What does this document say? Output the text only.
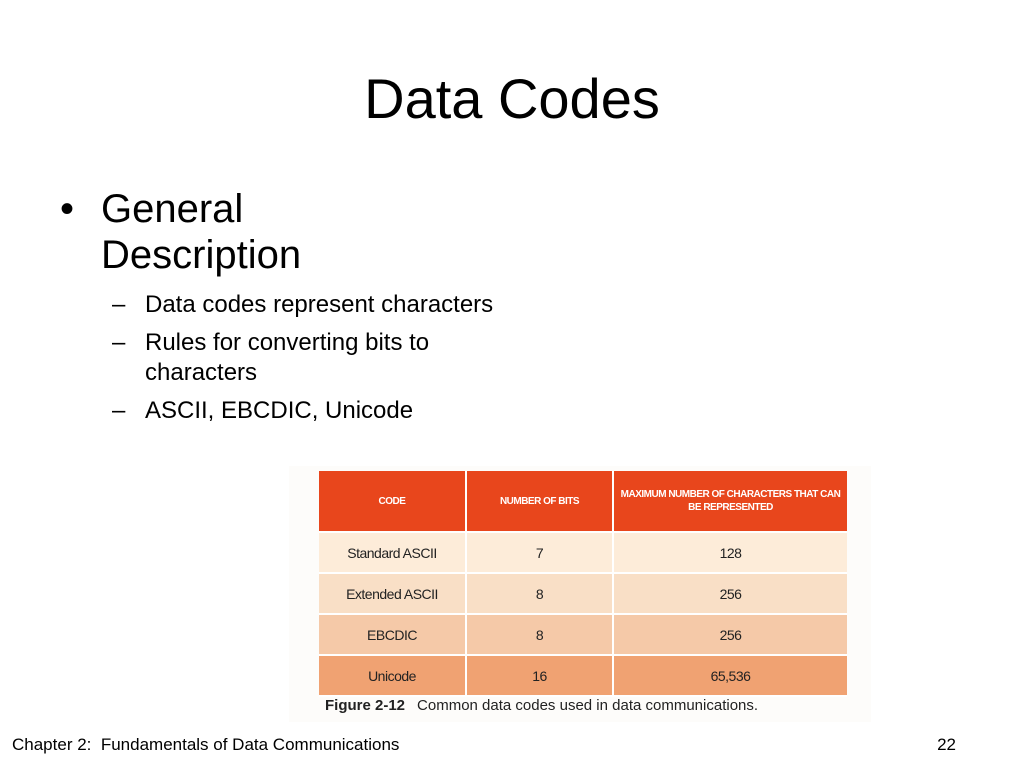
Data Codes
• General Description
– Data codes represent characters
– Rules for converting bits to characters
– ASCII, EBCDIC, Unicode
CODE	NUMBER OF BITS	MAXIMUM NUMBER OF CHARACTERS THAT CAN BE REPRESENTED
Standard ASCII	7	128
Extended ASCII	8	256
EBCDIC	8	256
Unicode	16	65,536
Figure 2-12 Common data codes used in data communications.
Chapter 2:  Fundamentals of Data Communications	22
